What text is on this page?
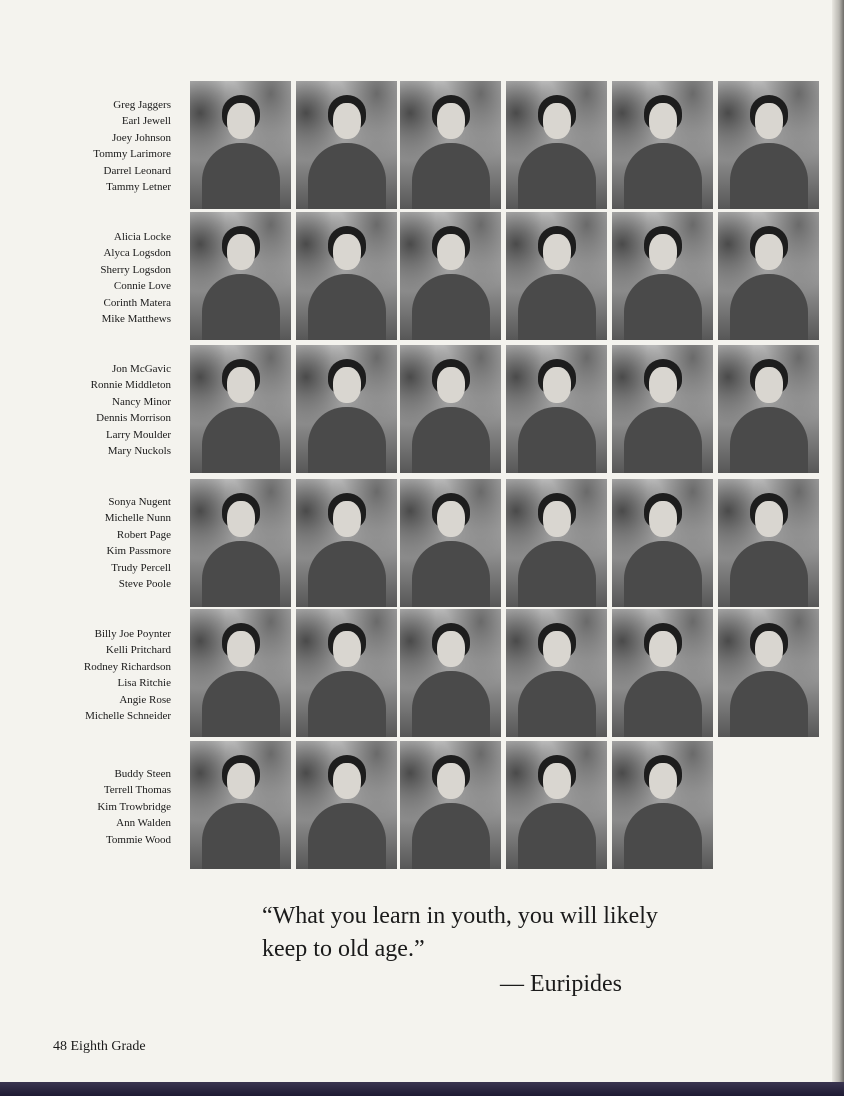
Greg Jaggers
Earl Jewell
Joey Johnson
Tommy Larimore
Darrel Leonard
Tammy Letner
Alicia Locke
Alyca Logsdon
Sherry Logsdon
Connie Love
Corinth Matera
Mike Matthews
Jon McGavic
Ronnie Middleton
Nancy Minor
Dennis Morrison
Larry Moulder
Mary Nuckols
Sonya Nugent
Michelle Nunn
Robert Page
Kim Passmore
Trudy Percell
Steve Poole
Billy Joe Poynter
Kelli Pritchard
Rodney Richardson
Lisa Ritchie
Angie Rose
Michelle Schneider
Buddy Steen
Terrell Thomas
Kim Trowbridge
Ann Walden
Tommie Wood

“What you learn in youth, you will likely keep to old age.”

— Euripides

48 Eighth Grade
